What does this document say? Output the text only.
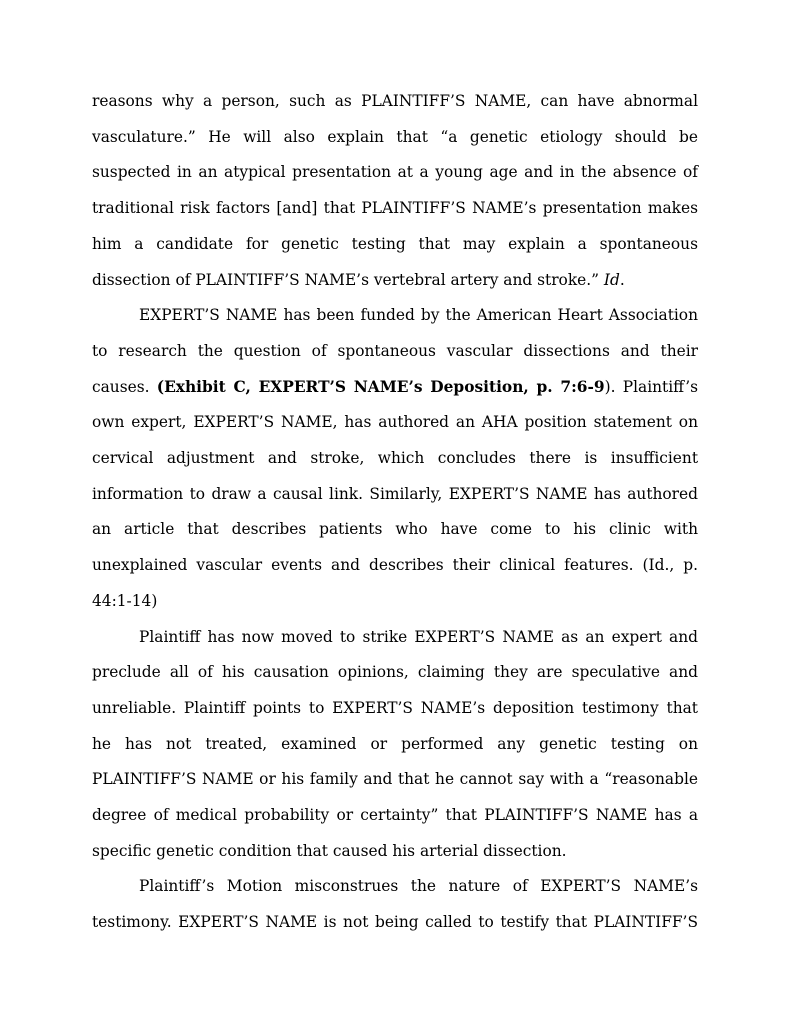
reasons why a person, such as PLAINTIFF’S NAME, can have abnormal vasculature.” He will also explain that “a genetic etiology should be suspected in an atypical presentation at a young age and in the absence of traditional risk factors [and] that PLAINTIFF’S NAME’s presentation makes him a candidate for genetic testing that may explain a spontaneous dissection of PLAINTIFF’S NAME’s vertebral artery and stroke.” Id.

EXPERT’S NAME has been funded by the American Heart Association to research the question of spontaneous vascular dissections and their causes. (Exhibit C, EXPERT’S NAME’s Deposition, p. 7:6-9). Plaintiff’s own expert, EXPERT’S NAME, has authored an AHA position statement on cervical adjustment and stroke, which concludes there is insufficient information to draw a causal link. Similarly, EXPERT’S NAME has authored an article that describes patients who have come to his clinic with unexplained vascular events and describes their clinical features. (Id., p. 44:1-14)

Plaintiff has now moved to strike EXPERT’S NAME as an expert and preclude all of his causation opinions, claiming they are speculative and unreliable. Plaintiff points to EXPERT’S NAME’s deposition testimony that he has not treated, examined or performed any genetic testing on PLAINTIFF’S NAME or his family and that he cannot say with a “reasonable degree of medical probability or certainty” that PLAINTIFF’S NAME has a specific genetic condition that caused his arterial dissection.

Plaintiff’s Motion misconstrues the nature of EXPERT’S NAME’s testimony. EXPERT’S NAME is not being called to testify that PLAINTIFF’S
